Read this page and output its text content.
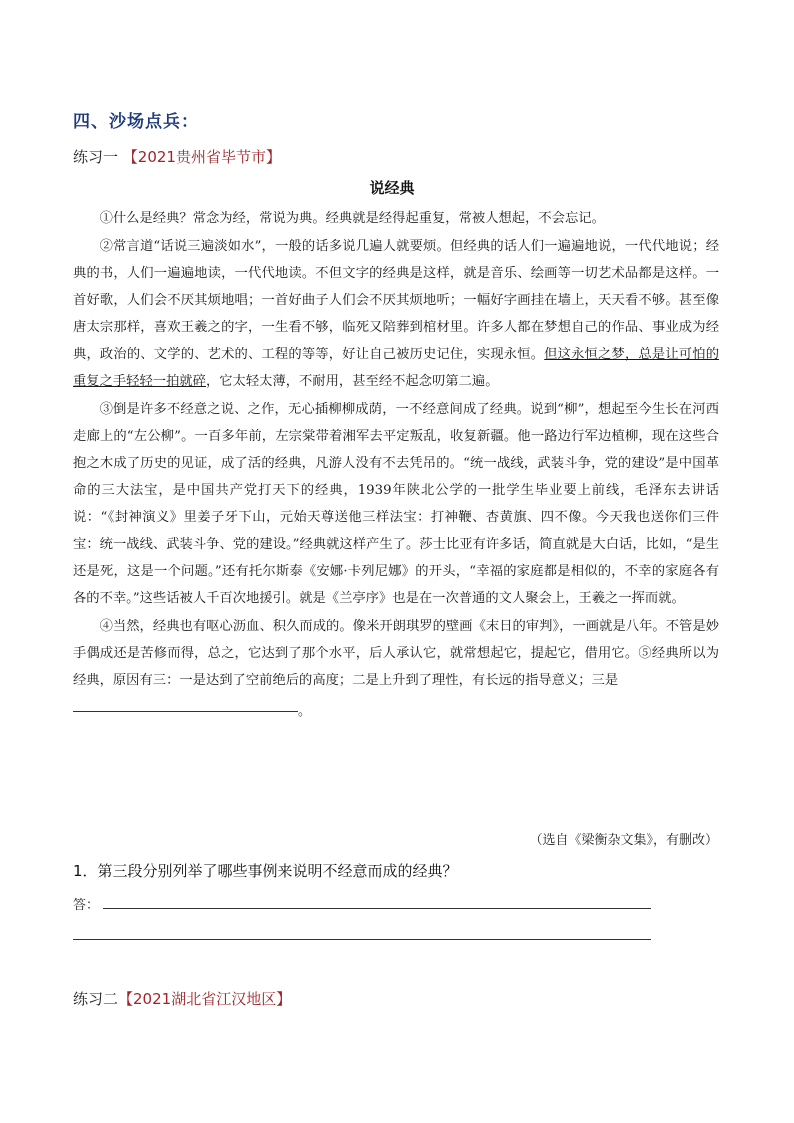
四、沙场点兵：
练习一 【2021贵州省毕节市】
说经典

①什么是经典？常念为经，常说为典。经典就是经得起重复，常被人想起，不会忘记。

②常言道“话说三遍淡如水”，一般的话多说几遍人就要烦。但经典的话人们一遍遍地说，一代代地说；经典的书，人们一遍遍地读，一代代地读。不但文字的经典是这样，就是音乐、绘画等一切艺术品都是这样。一首好歌，人们会不厌其烦地唱；一首好曲子人们会不厌其烦地听；一幅好字画挂在墙上，天天看不够。甚至像唐太宗那样，喜欢王羲之的字，一生看不够，临死又陪葬到棺材里。许多人都在梦想自己的作品、事业成为经典，政治的、文学的、艺术的、工程的等等，好让自己被历史记住，实现永恒。但这永恒之梦，总是让可怕的重复之手轻轻一拍就碎，它太轻太薄，不耐用，甚至经不起念叨第二遍。

③倒是许多不经意之说、之作，无心插柳柳成荫，一不经意间成了经典。说到“柳”，想起至今生长在河西走廊上的“左公柳”。一百多年前，左宗棠带着湘军去平定叛乱，收复新疆。他一路边行军边植柳，现在这些合抱之木成了历史的见证，成了活的经典，凡游人没有不去凭吊的。“统一战线，武装斗争，党的建设”是中国革命的三大法宝，是中国共产党打天下的经典，1939年陕北公学的一批学生毕业要上前线，毛泽东去讲话说：“《封神演义》里姜子牙下山，元始天尊送他三样法宝：打神鞭、杏黄旗、四不像。今天我也送你们三件宝：统一战线、武装斗争、党的建设。”经典就这样产生了。莎士比亚有许多话，简直就是大白话，比如，“是生还是死，这是一个问题。”还有托尔斯泰《安娜·卡列尼娜》的开头，“幸福的家庭都是相似的，不幸的家庭各有各的不幸。”这些话被人千百次地援引。就是《兰亭序》也是在一次普通的文人聚会上，王羲之一挥而就。

④当然，经典也有呕心沥血、积久而成的。像米开朗琪罗的壁画《末日的审判》，一画就是八年。不管是妙手偶成还是苦修而得，总之，它达到了那个水平，后人承认它，就常想起它，提起它，借用它。⑤经典所以为经典，原因有三：一是达到了空前绝后的高度；二是上升到了理性，有长远的指导意义；三是

。
（选自《梁衡杂文集》，有删改）
1．第三段分别列举了哪些事例来说明不经意而成的经典？
答：
练习二【2021湖北省江汉地区】
